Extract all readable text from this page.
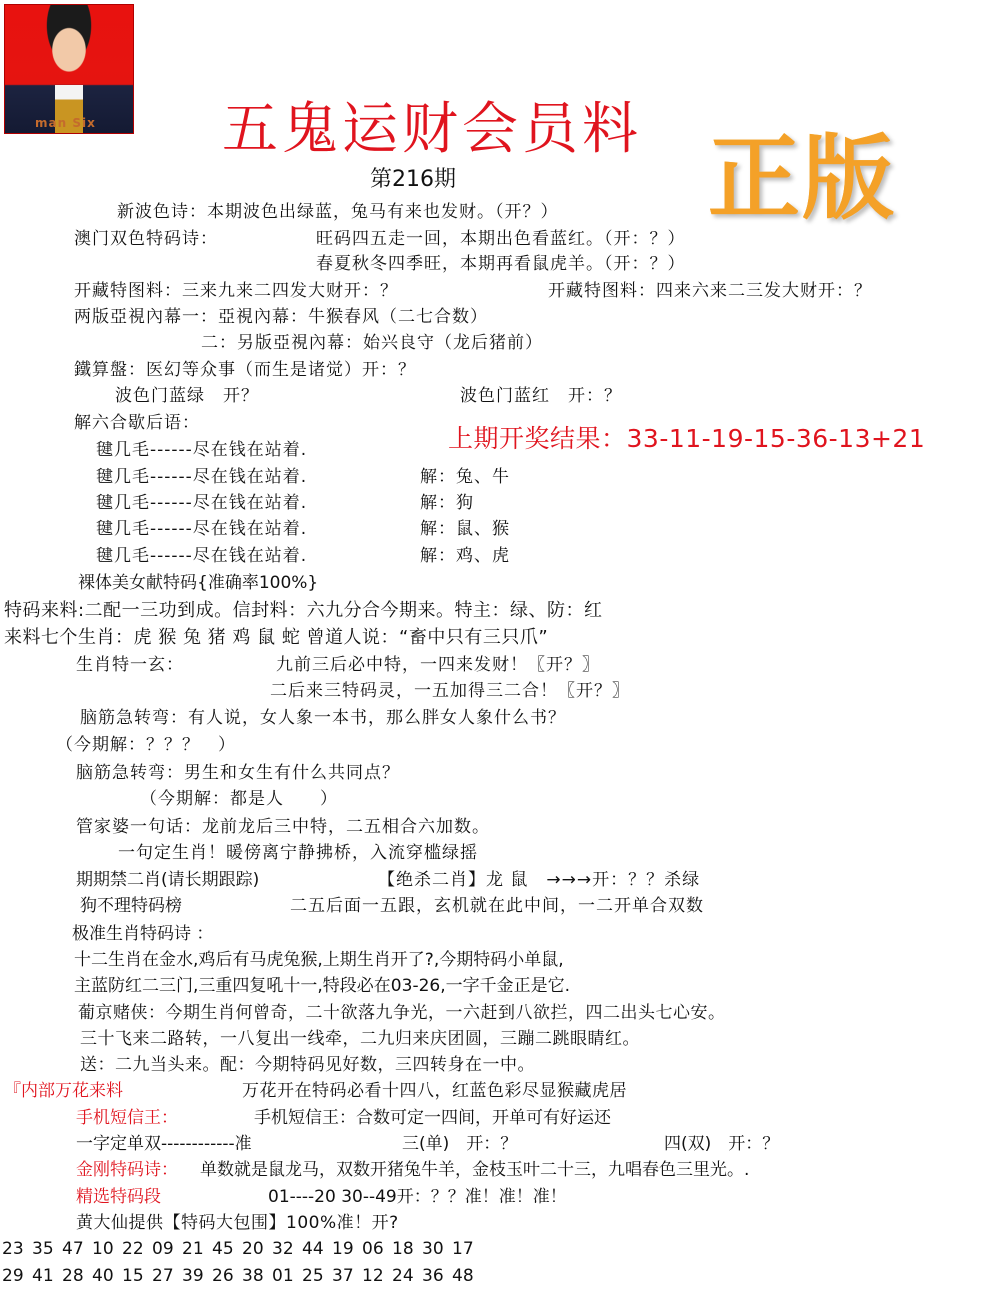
man Six 五鬼运财会员料
第216期	正版
新波色诗：本期波色出绿蓝，兔马有来也发财。（开？）
澳门双色特码诗：	旺码四五走一回，本期出色看蓝红。（开：？）
春夏秋冬四季旺，本期再看鼠虎羊。（开：？）
开藏特图料：三来九来二四发大财开：？	开藏特图料：四来六来二三发大财开：？
两版亞視內幕一：亞視內幕：牛猴春风（二七合数）
二：另版亞視內幕：始兴良守（龙后猪前）
鐵算盤：医幻等众事（而生是诸觉）开：？
波色门蓝绿　开？	波色门蓝红　开：？
上期开奖结果：33-11-19-15-36-13+21
解六合歇后语：
毽几毛------尽在钱在站着.
毽几毛------尽在钱在站着.	解：兔、牛
毽几毛------尽在钱在站着.	解：狗
毽几毛------尽在钱在站着.	解：鼠、猴
毽几毛------尽在钱在站着.	解：鸡、虎
裸体美女献特码{准确率100%}
特码来料:二配一三功到成。信封料：六九分合今期来。特主：绿、防：红
来料七个生肖：虎 猴 兔 猪 鸡 鼠 蛇 曾道人说：“畜中只有三只爪”
生肖特一玄：	九前三后必中特，一四来发财！〖开？〗
二后来三特码灵，一五加得三二合！〖开？〗
脑筋急转弯：有人说，女人象一本书，那么胖女人象什么书？
（今期解：？？？　）
脑筋急转弯：男生和女生有什么共同点？
（今期解：都是人　　）
管家婆一句话：龙前龙后三中特，二五相合六加数。
一句定生肖！暖傍离宁静拂桥，入流穿槛绿摇
期期禁二肖(请长期跟踪)	【绝杀二肖】龙 鼠　→→→开：？？杀绿
狗不理特码榜	二五后面一五跟，玄机就在此中间，一二开单合双数
极准生肖特码诗 ：
十二生肖在金水,鸡后有马虎兔猴,上期生肖开了?,今期特码小单鼠,
主蓝防红二三门,三重四复吼十一,特段必在03-26,一字千金正是它.
葡京赌侠：今期生肖何曾奇，二十欲落九争光，一六赶到八欲拦，四二出头七心安。
三十飞来二路转，一八复出一线牵，二九归来庆团圆，三蹦二跳眼睛红。
送：二九当头来。配：今期特码见好数，三四转身在一中。
『内部万花来料	万花开在特码必看十四八，红蓝色彩尽显猴藏虎居
手机短信王：	手机短信王：合数可定一四间，开单可有好运还
一字定单双------------准	三(单)　开：？	四(双)　开：？
金刚特码诗： 单数就是鼠龙马，双数开猪兔牛羊，金枝玉叶二十三，九唱春色三里光。.
精选特码段	01----20 30--49开：？？准！准！准！
黄大仙提供【特码大包围】100%准！开?
23 35 47 10 22 09 21 45 20 32 44 19 06 18 30 17
29 41 28 40 15 27 39 26 38 01 25 37 12 24 36 48
